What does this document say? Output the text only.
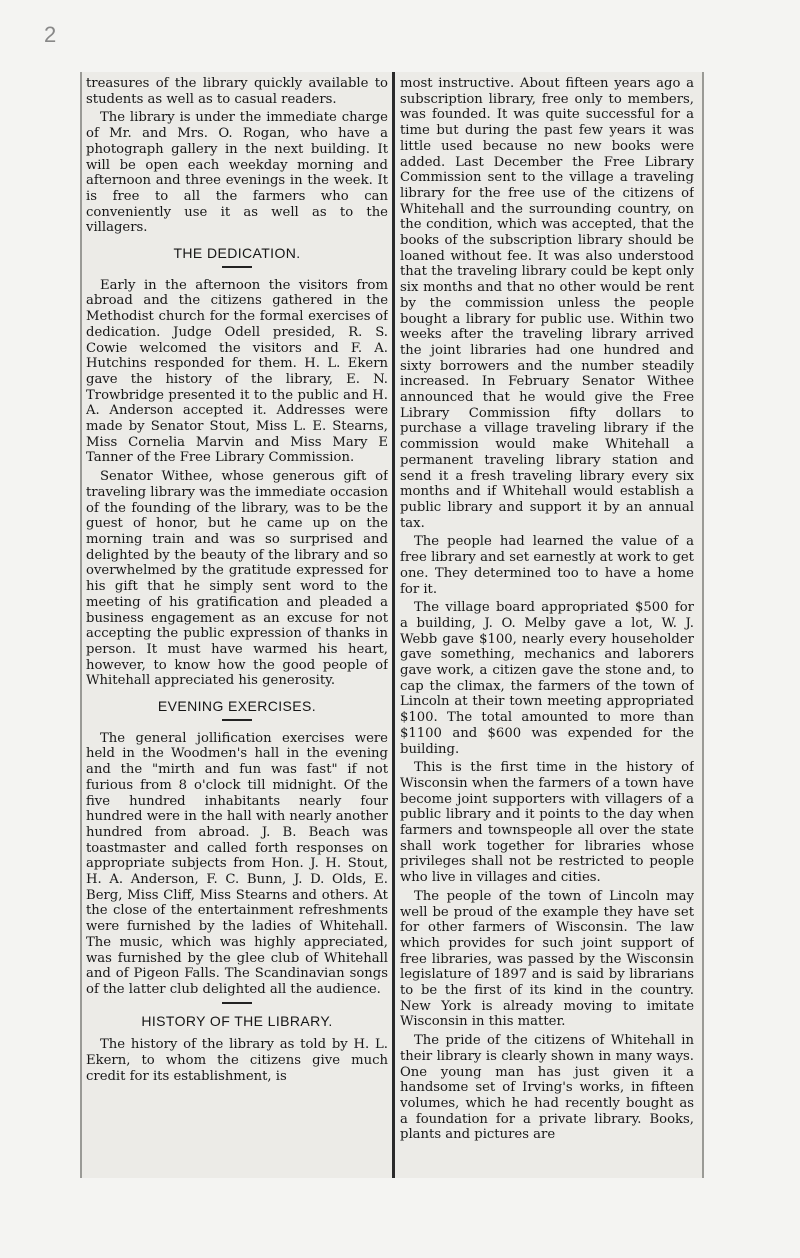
2

treasures of the library quickly available to students as well as to casual readers.

The library is under the immediate charge of Mr. and Mrs. O. Rogan, who have a photograph gallery in the next building. It will be open each weekday morning and afternoon and three evenings in the week. It is free to all the farmers who can conveniently use it as well as to the villagers.

THE DEDICATION.

Early in the afternoon the visitors from abroad and the citizens gathered in the Methodist church for the formal exercises of dedication. Judge Odell presided, R. S. Cowie welcomed the visitors and F. A. Hutchins responded for them. H. L. Ekern gave the history of the library, E. N. Trowbridge presented it to the public and H. A. Anderson accepted it. Addresses were made by Senator Stout, Miss L. E. Stearns, Miss Cornelia Marvin and Miss Mary E Tanner of the Free Library Commission.

Senator Withee, whose generous gift of traveling library was the immediate occasion of the founding of the library, was to be the guest of honor, but he came up on the morning train and was so surprised and delighted by the beauty of the library and so overwhelmed by the gratitude expressed for his gift that he simply sent word to the meeting of his gratification and pleaded a business engagement as an excuse for not accepting the public expression of thanks in person. It must have warmed his heart, however, to know how the good people of Whitehall appreciated his generosity.

EVENING EXERCISES.

The general jollification exercises were held in the Woodmen's hall in the evening and the "mirth and fun was fast" if not furious from 8 o'clock till midnight. Of the five hundred inhabitants nearly four hundred were in the hall with nearly another hundred from abroad. J. B. Beach was toastmaster and called forth responses on appropriate subjects from Hon. J. H. Stout, H. A. Anderson, F. C. Bunn, J. D. Olds, E. Berg, Miss Cliff, Miss Stearns and others. At the close of the entertainment refreshments were furnished by the ladies of Whitehall. The music, which was highly appreciated, was furnished by the glee club of Whitehall and of Pigeon Falls. The Scandinavian songs of the latter club delighted all the audience.

HISTORY OF THE LIBRARY.

The history of the library as told by H. L. Ekern, to whom the citizens give much credit for its establishment, is

most instructive. About fifteen years ago a subscription library, free only to members, was founded. It was quite successful for a time but during the past few years it was little used because no new books were added. Last December the Free Library Commission sent to the village a traveling library for the free use of the citizens of Whitehall and the surrounding country, on the condition, which was accepted, that the books of the subscription library should be loaned without fee. It was also understood that the traveling library could be kept only six months and that no other would be rent by the commission unless the people bought a library for public use. Within two weeks after the traveling library arrived the joint libraries had one hundred and sixty borrowers and the number steadily increased. In February Senator Withee announced that he would give the Free Library Commission fifty dollars to purchase a village traveling library if the commission would make Whitehall a permanent traveling library station and send it a fresh traveling library every six months and if Whitehall would establish a public library and support it by an annual tax.

The people had learned the value of a free library and set earnestly at work to get one. They determined too to have a home for it.

The village board appropriated $500 for a building, J. O. Melby gave a lot, W. J. Webb gave $100, nearly every householder gave something, mechanics and laborers gave work, a citizen gave the stone and, to cap the climax, the farmers of the town of Lincoln at their town meeting appropriated $100. The total amounted to more than $1100 and $600 was expended for the building.

This is the first time in the history of Wisconsin when the farmers of a town have become joint supporters with villagers of a public library and it points to the day when farmers and townspeople all over the state shall work together for libraries whose privileges shall not be restricted to people who live in villages and cities.

The people of the town of Lincoln may well be proud of the example they have set for other farmers of Wisconsin. The law which provides for such joint support of free libraries, was passed by the Wisconsin legislature of 1897 and is said by librarians to be the first of its kind in the country. New York is already moving to imitate Wisconsin in this matter.

The pride of the citizens of Whitehall in their library is clearly shown in many ways. One young man has just given it a handsome set of Irving's works, in fifteen volumes, which he had recently bought as a foundation for a private library. Books, plants and pictures are
